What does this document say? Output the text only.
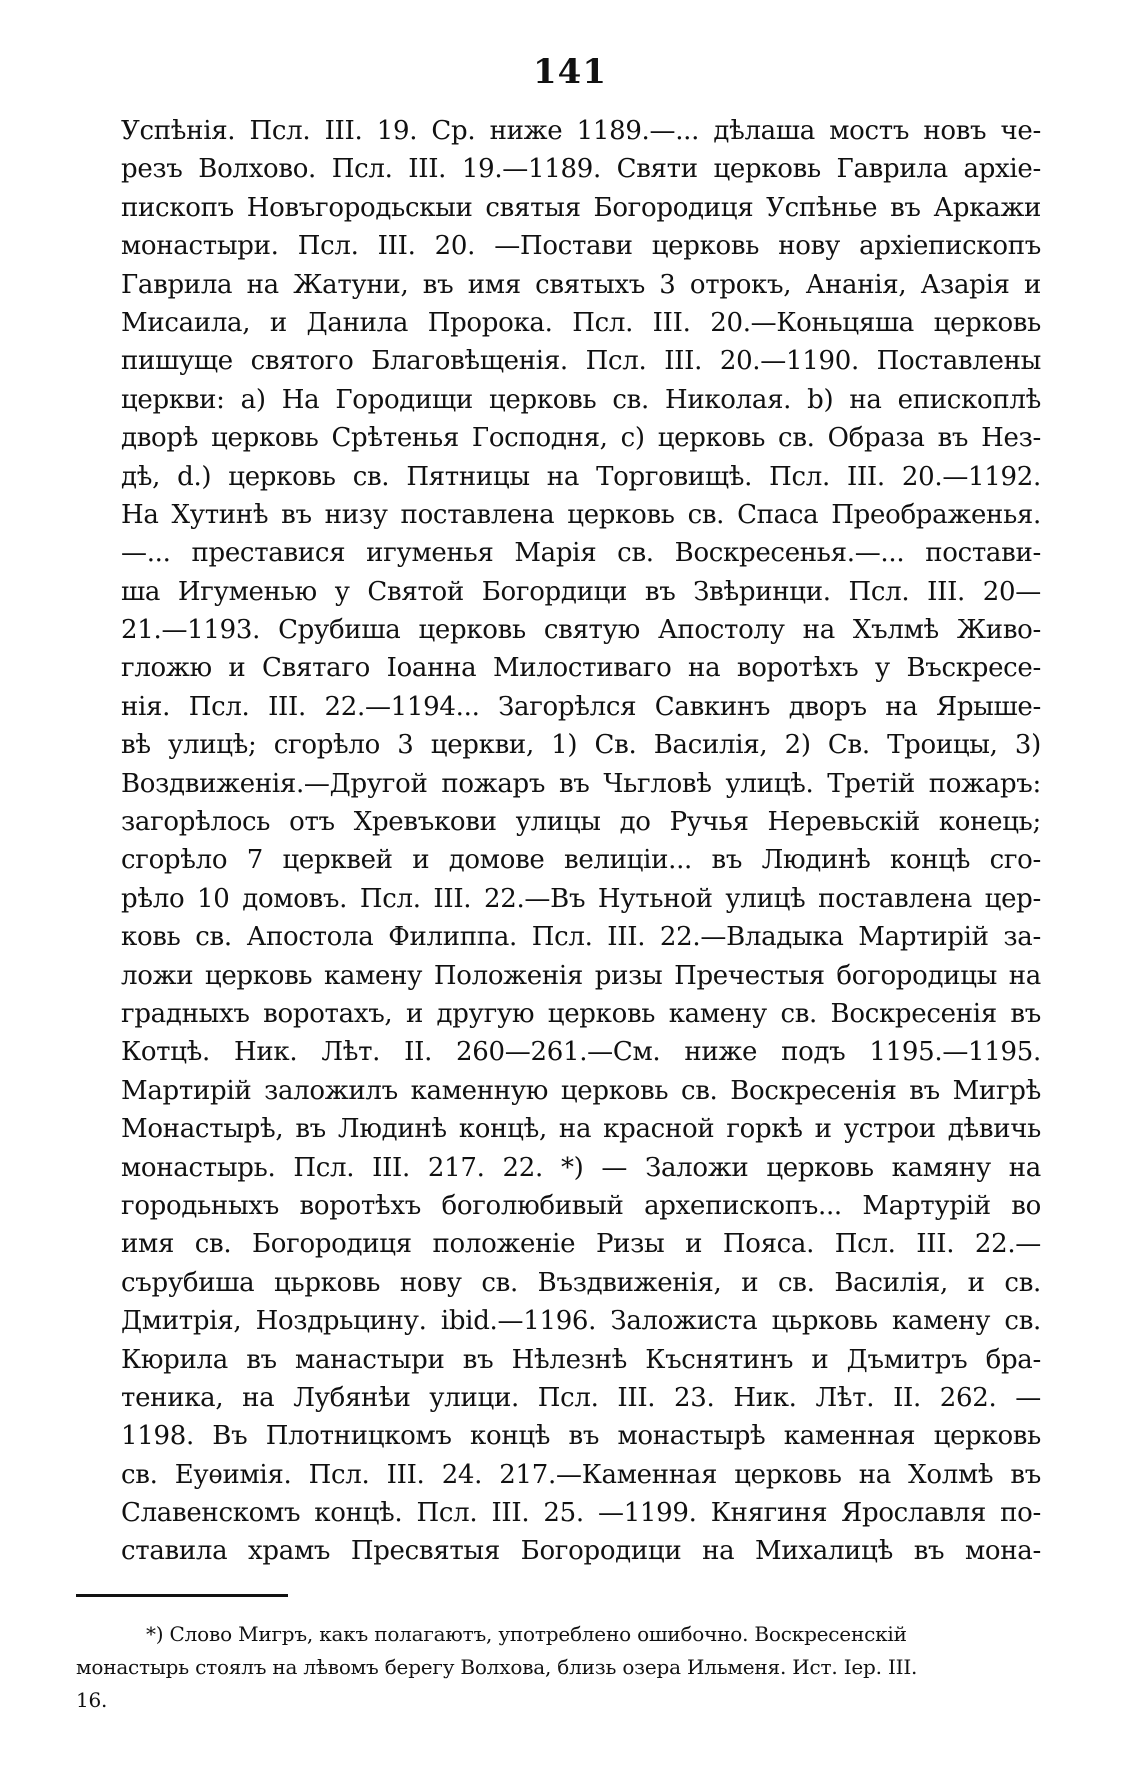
141
Успѣнія. Псл. III. 19. Ср. ниже 1189.—... дѣлаша мостъ новъ че-
резъ Волхово. Псл. III. 19.—1189. Святи церковь Гаврила архіе-
пископъ Новъгородьскыи святыя Богородиця Успѣнье въ Аркажи
монастыри. Псл. III. 20. —Постави церковь нову архіепископъ
Гаврила на Жатуни, въ имя святыхъ 3 отрокъ, Ананія, Азарія и
Мисаила, и Данила Пророка. Псл. III. 20.—Коньцяша церковь
пишуще святого Благовѣщенія. Псл. III. 20.—1190. Поставлены
церкви: а) На Городищи церковь св. Николая. b) на епископлѣ
дворѣ церковь Срѣтенья Господня, с) церковь св. Образа въ Нез-
дѣ, d.) церковь св. Пятницы на Торговищѣ. Псл. III. 20.—1192.
На Хутинѣ въ низу поставлена церковь св. Спаса Преображенья.
—... преставися игуменья Марія св. Воскресенья.—... постави-
ша Игуменью у Святой Богордици въ Звѣринци. Псл. III. 20—
21.—1193. Срубиша церковь святую Апостолу на Хълмѣ Живо-
гложю и Святаго Іоанна Милостиваго на воротѣхъ у Въскресе-
нія. Псл. III. 22.—1194... Загорѣлся Савкинъ дворъ на Ярыше-
вѣ улицѣ; сгорѣло 3 церкви, 1) Св. Василія, 2) Св. Троицы, 3)
Воздвиженія.—Другой пожаръ въ Чьгловѣ улицѣ. Третій пожаръ:
загорѣлось отъ Хревъкови улицы до Ручья Неревьскій конець;
сгорѣло 7 церквей и домове велицiи... въ Людинѣ концѣ сго-
рѣло 10 домовъ. Псл. III. 22.—Въ Нутьной улицѣ поставлена цер-
ковь св. Апостола Филиппа. Псл. III. 22.—Владыка Мартирій за-
ложи церковь камену Положенія ризы Пречестыя богородицы на
градныхъ воротахъ, и другую церковь камену св. Воскресенія въ
Котцѣ. Ник. Лѣт. II. 260—261.—См. ниже подъ 1195.—1195.
Мартирій заложилъ каменную церковь св. Воскресенія въ Мигрѣ
Монастырѣ, въ Людинѣ концѣ, на красной горкѣ и устрои дѣвичь
монастырь. Псл. III. 217. 22. *) — Заложи церковь камяну на
городьныхъ воротѣхъ боголюбивый архепископъ... Мартурій во
имя св. Богородиця положеніе Ризы и Пояса. Псл. III. 22.—
сърубиша цьрковь нову св. Въздвиженія, и св. Василія, и св.
Дмитрія, Ноздрьцину. ibid.—1196. Заложиста цьрковь камену св.
Кюрила въ манастыри въ Нѣлезнѣ Къснятинъ и Дъмитръ бра-
теника, на Лубянѣи улици. Псл. III. 23. Ник. Лѣт. II. 262. —
1198. Въ Плотницкомъ концѣ въ монастырѣ каменная церковь
св. Еуѳимія. Псл. III. 24. 217.—Каменная церковь на Холмѣ въ
Славенскомъ концѣ. Псл. III. 25. —1199. Княгиня Ярославля по-
ставила храмъ Пресвятыя Богородици на Михалицѣ въ мона-
*) Слово Мигръ, какъ полагаютъ, употреблено ошибочно. Воскресенскій
монастырь стоялъ на лѣвомъ берегу Волхова, близь озера Ильменя. Ист. Іер. III.
16.
